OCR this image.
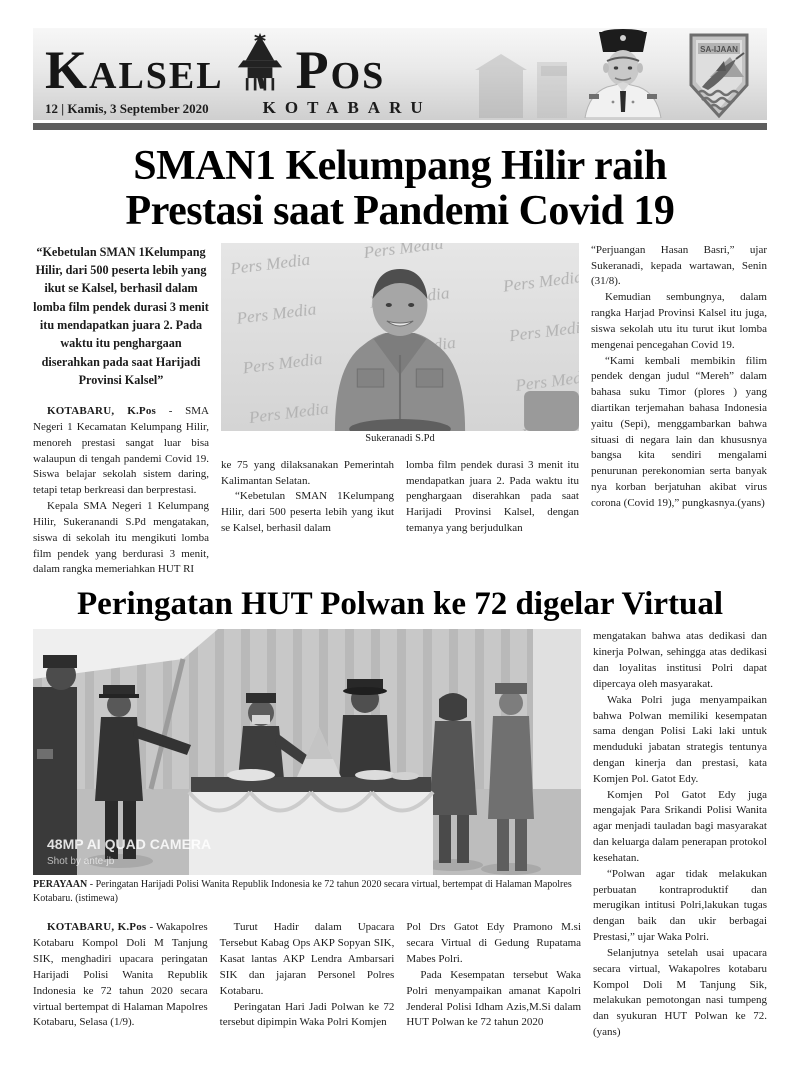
Kalsel Pos
12 | Kamis, 3 September 2020	KOTABARU
SA-IJAAN
SMAN1 Kelumpang Hilir raih
Prestasi saat Pandemi Covid 19

“Kebetulan SMAN 1Kelumpang Hilir, dari 500 peserta lebih yang ikut se Kalsel, berhasil dalam lomba film pendek durasi 3 menit itu mendapatkan juara 2. Pada waktu itu penghargaan diserahkan pada saat Harijadi Provinsi Kalsel”

KOTABARU, K.Pos - SMA Negeri 1 Kecamatan Kelumpang Hilir, menoreh prestasi sangat luar bisa walaupun di tengah pandemi Covid 19. Siswa belajar sekolah sistem daring, tetapi tetap berkreasi dan berprestasi.

Kepala SMA Negeri 1 Kelumpang Hilir, Sukeranandi S.Pd mengatakan, siswa di sekolah itu mengikuti lomba film pendek yang berdurasi 3 menit, dalam rangka memeriahkan HUT RI

Sukeranadi S.Pd

ke 75 yang dilaksanakan Pemerintah Kalimantan Selatan.

“Kebetulan SMAN 1Kelumpang Hilir, dari 500 peserta lebih yang ikut se Kalsel, berhasil dalam

lomba film pendek durasi 3 menit itu mendapatkan juara 2. Pada waktu itu penghargaan diserahkan pada saat Harijadi Provinsi Kalsel, dengan temanya yang berjudulkan

“Perjuangan Hasan Basri,” ujar Sukeranadi, kepada wartawan, Senin (31/8).

Kemudian sembungnya, dalam rangka Harjad Provinsi Kalsel itu juga, siswa sekolah utu itu turut ikut lomba mengenai pencegahan Covid 19.

“Kami kembali membikin filim pendek dengan judul “Mereh” dalam bahasa suku Timor (plores ) yang diartikan terjemahan bahasa Indonesia yaitu (Sepi), menggambarkan bahwa situasi di negara lain dan khususnya bangsa kita sendiri mengalami penurunan perekonomian serta banyak nya korban berjatuhan akibat virus corona (Covid 19),” pungkasnya.(yans)

Peringatan HUT Polwan ke 72 digelar Virtual
48MP AI QUAD CAMERA
Shot by ante-jb
PERAYAAN - Peringatan Harijadi Polisi Wanita Republik Indonesia ke 72 tahun 2020 secara virtual, bertempat di Halaman Mapolres Kotabaru. (istimewa)

KOTABARU, K.Pos - Wakapolres Kotabaru Kompol Doli M Tanjung SIK, menghadiri upacara peringatan Harijadi Polisi Wanita Republik Indonesia ke 72 tahun 2020 secara virtual bertempat di Halaman Mapolres Kotabaru, Selasa (1/9).

Turut Hadir dalam Upacara Tersebut Kabag Ops AKP Sopyan SIK, Kasat lantas AKP Lendra Ambarsari SIK dan jajaran Personel Polres Kotabaru.

Peringatan Hari Jadi Polwan ke 72 tersebut dipimpin Waka Polri Komjen

Pol Drs Gatot Edy Pramono M.si secara Virtual di Gedung Rupatama Mabes Polri.

Pada Kesempatan tersebut Waka Polri menyampaikan amanat Kapolri Jenderal Polisi Idham Azis,M.Si dalam HUT Polwan ke 72 tahun 2020

mengatakan bahwa atas dedikasi dan kinerja Polwan, sehingga atas dedikasi dan loyalitas institusi Polri dapat dipercaya oleh masyarakat.

Waka Polri juga menyampaikan bahwa Polwan memiliki kesempatan sama dengan Polisi Laki laki untuk menduduki jabatan strategis tentunya dengan kinerja dan prestasi, kata Komjen Pol. Gatot Edy.

Komjen Pol Gatot Edy juga mengajak Para Srikandi Polisi Wanita agar menjadi tauladan bagi masyarakat dan keluarga dalam penerapan protokol kesehatan.

“Polwan agar tidak melakukan perbuatan kontraproduktif dan merugikan intitusi Polri,lakukan tugas dengan baik dan ukir berbagai Prestasi,” ujar Waka Polri.

Selanjutnya setelah usai upacara secara virtual, Wakapolres kotabaru Kompol Doli M Tanjung Sik, melakukan pemotongan nasi tumpeng dan syukuran HUT Polwan ke 72.(yans)
